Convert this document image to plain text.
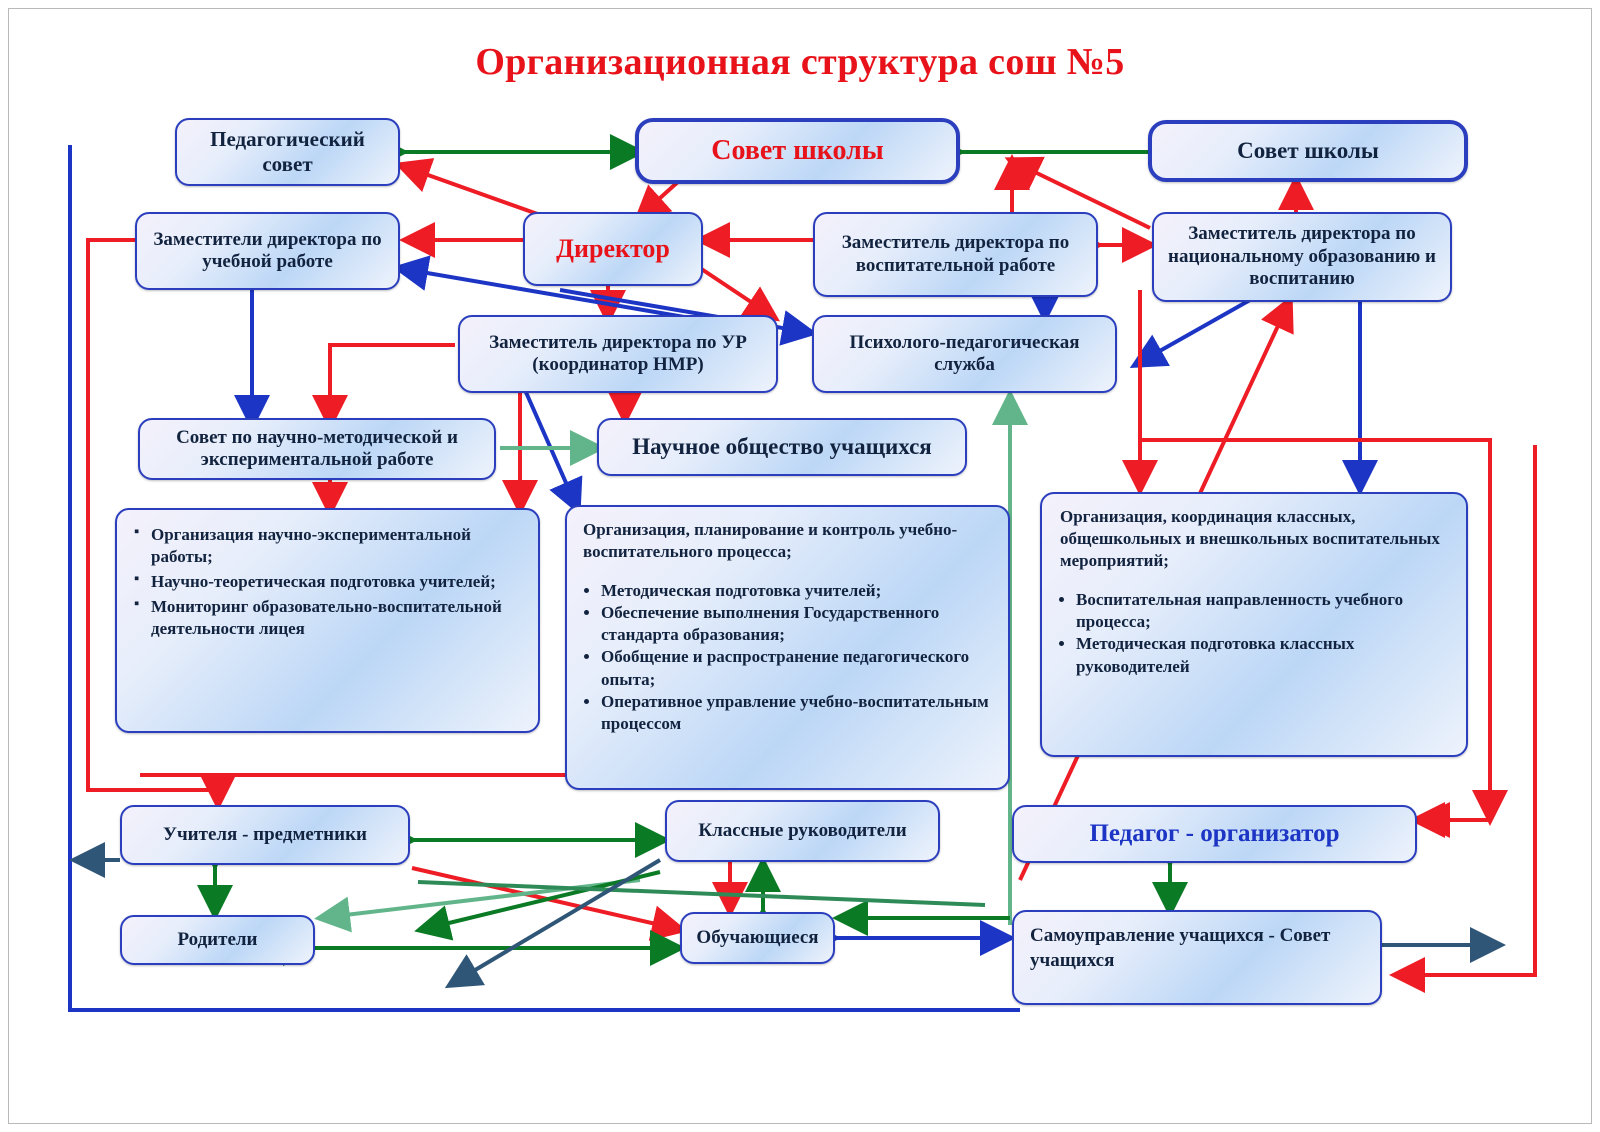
Организационная структура сош №5
Педагогический совет	Совет школы	Совет школы
Заместители директора по учебной работе	Директор	Заместитель директора по воспитательной работе
Заместитель директора по национальному образованию и воспитанию
Заместитель директора по УР (координатор НМР)
Психолого-педагогическая служба
Совет по научно-методической и экспериментальной работе
Научное общество учащихся
▪ Организация научно-экспериментальной работы;
▪ Научно-теоретическая подготовка учителей;
▪ Мониторинг образовательно-воспитательной деятельности лицея
Организация, планирование и контроль учебно-воспитательного процесса;
• Методическая подготовка учителей;
• Обеспечение выполнения Государственного стандарта образования;
• Обобщение и распространение педагогического опыта;
• Оперативное управление учебно-воспитательным процессом
Организация, координация классных, общешкольных и внешкольных воспитательных мероприятий;
• Воспитательная направленность учебного процесса;
• Методическая подготовка классных руководителей
Учителя - предметники	Классные руководители	Педагог - организатор
Родители	Обучающиеся	Самоуправление учащихся - Совет учащихся
